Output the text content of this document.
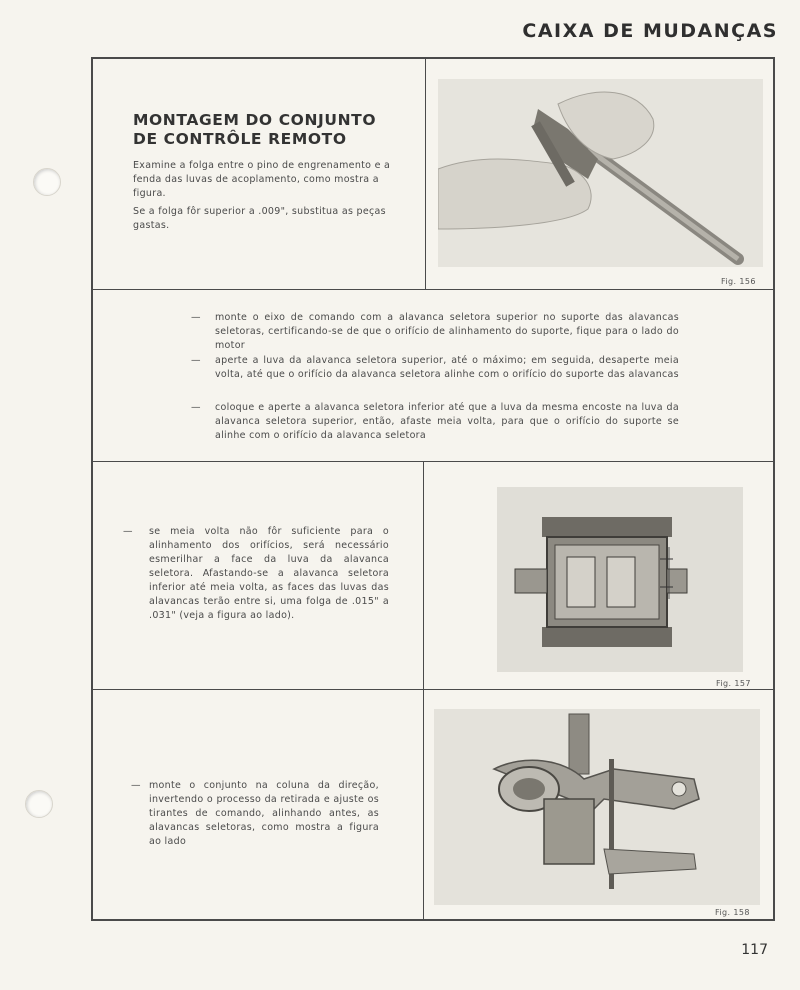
CAIXA DE MUDANÇAS
MONTAGEM DO CONJUNTO
DE CONTRÔLE REMOTO
Examine a folga entre o pino de engrenamento e a fenda das luvas de acoplamento, como mostra a figura.
Se a folga fôr superior a .009", substitua as peças gastas.
Fig. 156
—	monte o eixo de comando com a alavanca seletora superior no suporte das alavancas seletoras, certificando-se de que o orifício de alinhamento do suporte, fique para o lado do motor
—	aperte a luva da alavanca seletora superior, até o máximo; em seguida, desaperte meia volta, até que o orifício da alavanca seletora alinhe com o orifício do suporte das alavancas
—	coloque e aperte a alavanca seletora inferior até que a luva da mesma encoste na luva da alavanca seletora superior, então, afaste meia volta, para que o orifício do suporte se alinhe com o orifício da alavanca seletora
— se meia volta não fôr suficiente para o alinhamento dos orifícios, será necessário esmerilhar a face da luva da alavanca seletora. Afastando-se a alavanca seletora inferior até meia volta, as faces das luvas das alavancas terão entre si, uma folga de .015" a .031" (veja a figura ao lado).
Fig. 157
— monte o conjunto na coluna da direção, invertendo o processo da retirada e ajuste os tirantes de comando, alinhando antes, as alavancas seletoras, como mostra a figura ao lado
Fig. 158
117
